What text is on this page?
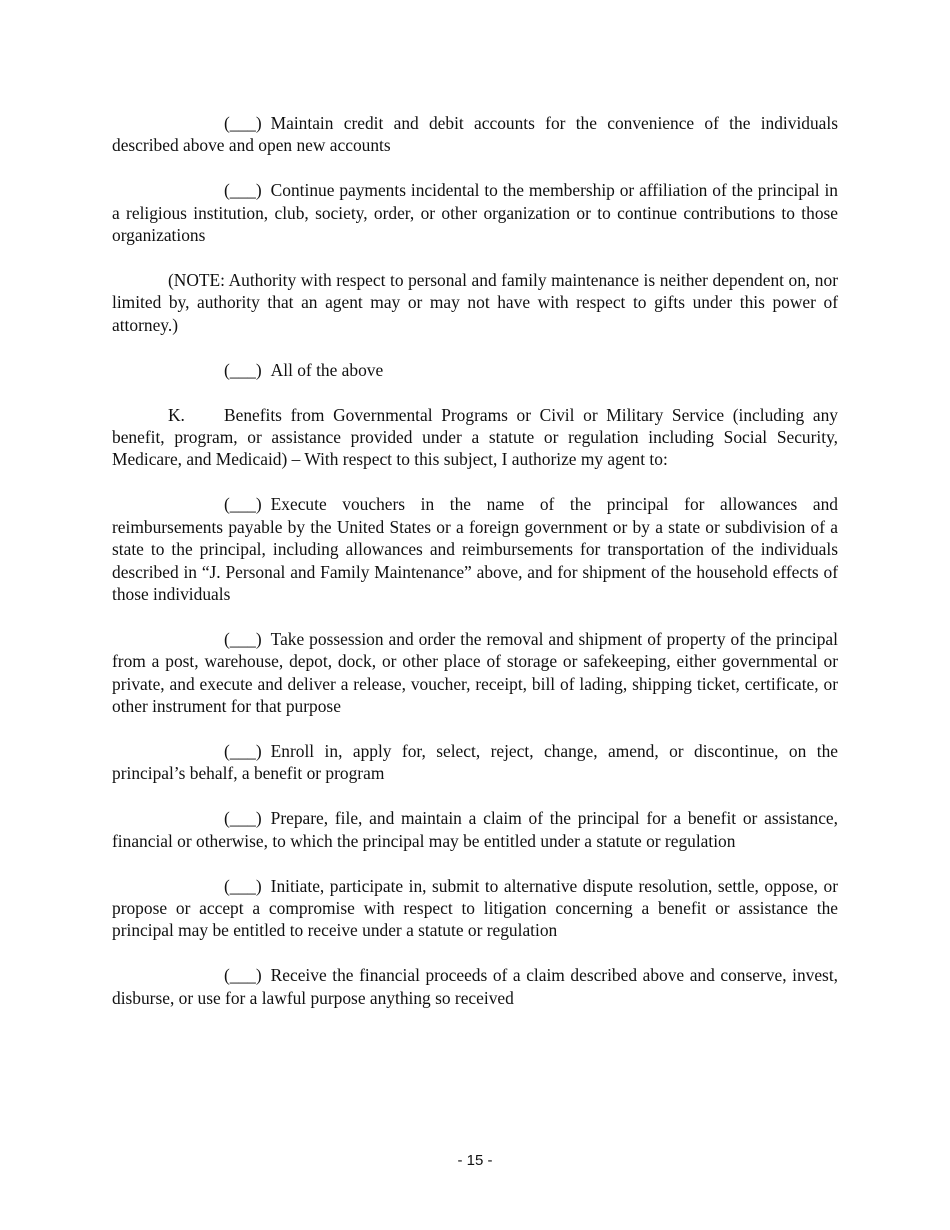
(___) Maintain credit and debit accounts for the convenience of the individuals described above and open new accounts

(___) Continue payments incidental to the membership or affiliation of the principal in a religious institution, club, society, order, or other organization or to continue contributions to those organizations

(NOTE: Authority with respect to personal and family maintenance is neither dependent on, nor limited by, authority that an agent may or may not have with respect to gifts under this power of attorney.)

(___) All of the above

K. Benefits from Governmental Programs or Civil or Military Service (including any benefit, program, or assistance provided under a statute or regulation including Social Security, Medicare, and Medicaid) – With respect to this subject, I authorize my agent to:

(___) Execute vouchers in the name of the principal for allowances and reimbursements payable by the United States or a foreign government or by a state or subdivision of a state to the principal, including allowances and reimbursements for transportation of the individuals described in “J. Personal and Family Maintenance” above, and for shipment of the household effects of those individuals

(___) Take possession and order the removal and shipment of property of the principal from a post, warehouse, depot, dock, or other place of storage or safekeeping, either governmental or private, and execute and deliver a release, voucher, receipt, bill of lading, shipping ticket, certificate, or other instrument for that purpose

(___) Enroll in, apply for, select, reject, change, amend, or discontinue, on the principal’s behalf, a benefit or program

(___) Prepare, file, and maintain a claim of the principal for a benefit or assistance, financial or otherwise, to which the principal may be entitled under a statute or regulation

(___) Initiate, participate in, submit to alternative dispute resolution, settle, oppose, or propose or accept a compromise with respect to litigation concerning a benefit or assistance the principal may be entitled to receive under a statute or regulation

(___) Receive the financial proceeds of a claim described above and conserve, invest, disburse, or use for a lawful purpose anything so received

- 15 -
